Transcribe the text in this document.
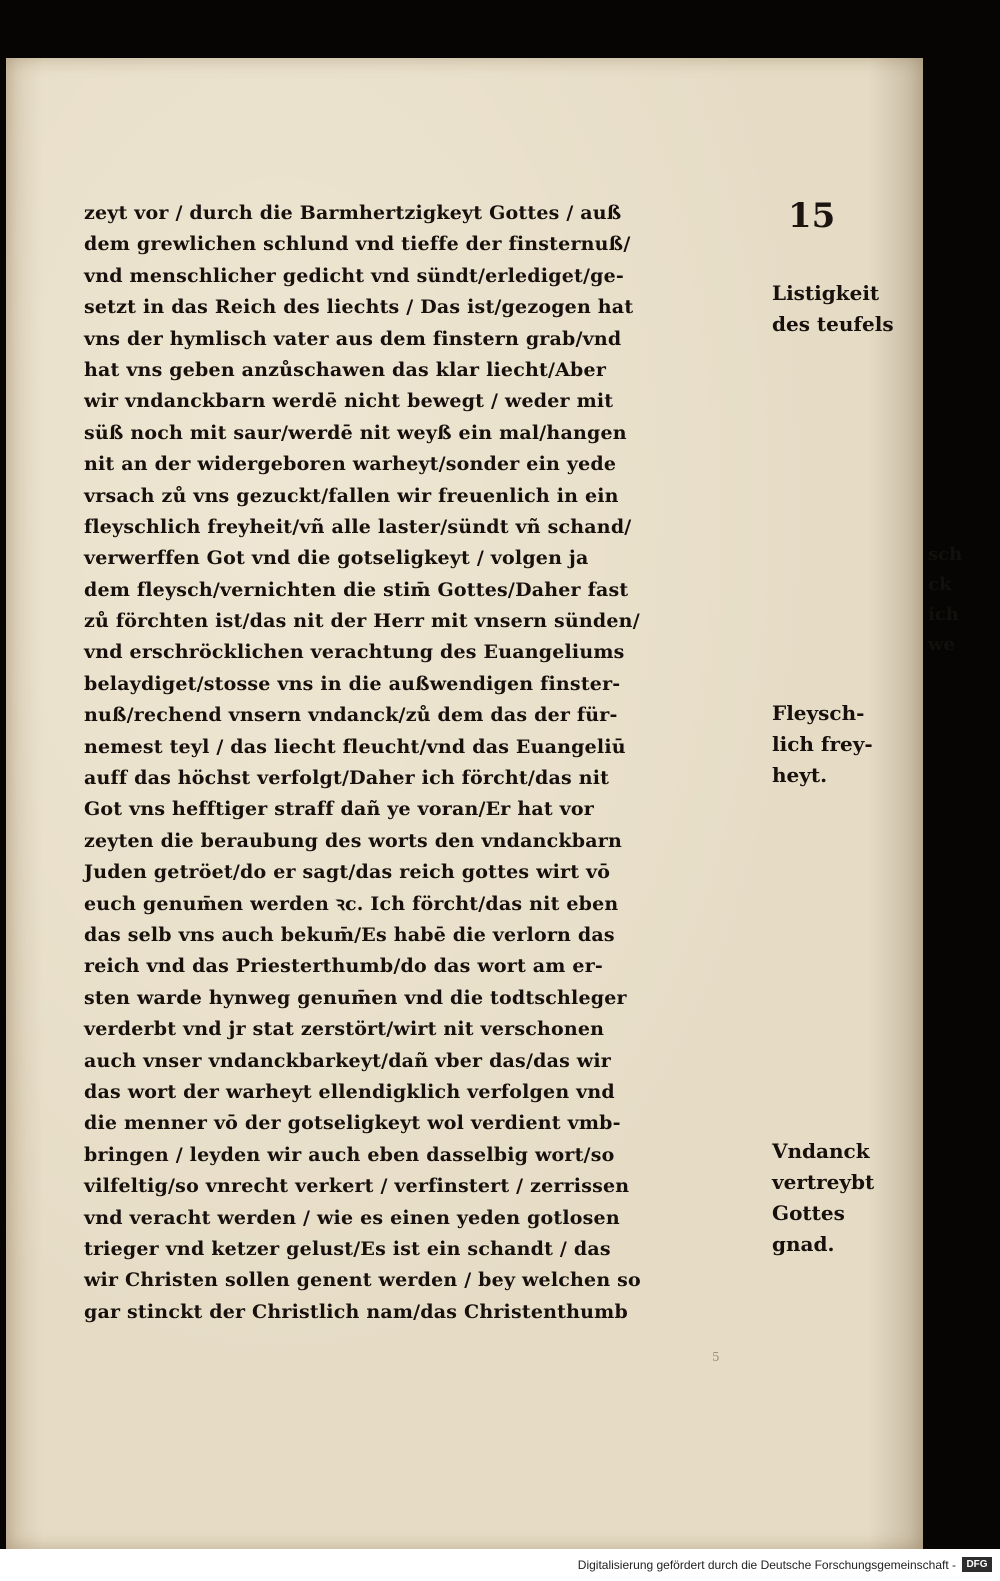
15
zeyt vor / durch die Barmhertzigkeyt Gottes / auß
dem grewlichen schlund vnd tieffe der finsternuß/
vnd menschlicher gedicht vnd sündt/erlediget/ge-
setzt in das Reich des liechts / Das ist/gezogen hat
vns der hymlisch vater aus dem finstern grab/vnd
hat vns geben anzůschawen das klar liecht/Aber
wir vndanckbarn werdē nicht bewegt / weder mit
süß noch mit saur/werdē nit weyß ein mal/hangen
nit an der widergeboren warheyt/sonder ein yede
vrsach zů vns gezuckt/fallen wir freuenlich in ein
fleyschlich freyheit/vñ alle laster/sündt vñ schand/
verwerffen Got vnd die gotseligkeyt / volgen ja
dem fleysch/vernichten die stim̄ Gottes/Daher fast
zů förchten ist/das nit der Herr mit vnsern sünden/
vnd erschröcklichen verachtung des Euangeliums
belaydiget/stosse vns in die außwendigen finster-
nuß/rechend vnsern vndanck/zů dem das der für-
nemest teyl / das liecht fleucht/vnd das Euangeliū
auff das höchst verfolgt/Daher ich förcht/das nit
Got vns hefftiger straff dañ ye voran/Er hat vor
zeyten die beraubung des worts den vndanckbarn
Juden getröet/do er sagt/das reich gottes wirt vō
euch genum̄en werden ꝛc. Ich förcht/das nit eben
das selb vns auch bekum̄/Es habē die verlorn das
reich vnd das Priesterthumb/do das wort am er-
sten warde hynweg genum̄en vnd die todtschleger
verderbt vnd jr stat zerstört/wirt nit verschonen
auch vnser vndanckbarkeyt/dañ vber das/das wir
das wort der warheyt ellendigklich verfolgen vnd
die menner vō der gotseligkeyt wol verdient vmb-
bringen / leyden wir auch eben dasselbig wort/so
vilfeltig/so vnrecht verkert / verfinstert / zerrissen
vnd veracht werden / wie es einen yeden gotlosen
trieger vnd ketzer gelust/Es ist ein schandt / das
wir Christen sollen genent werden / bey welchen so
gar stinckt der Christlich nam/das Christenthumb
Listigkeit
des teufels
Fleysch-
lich frey-
heyt.
Vndanck
vertreybt
Gottes
gnad.
5
sch
ck
ich
we
Digitalisierung gefördert durch die Deutsche Forschungsgemeinschaft -	DFG
